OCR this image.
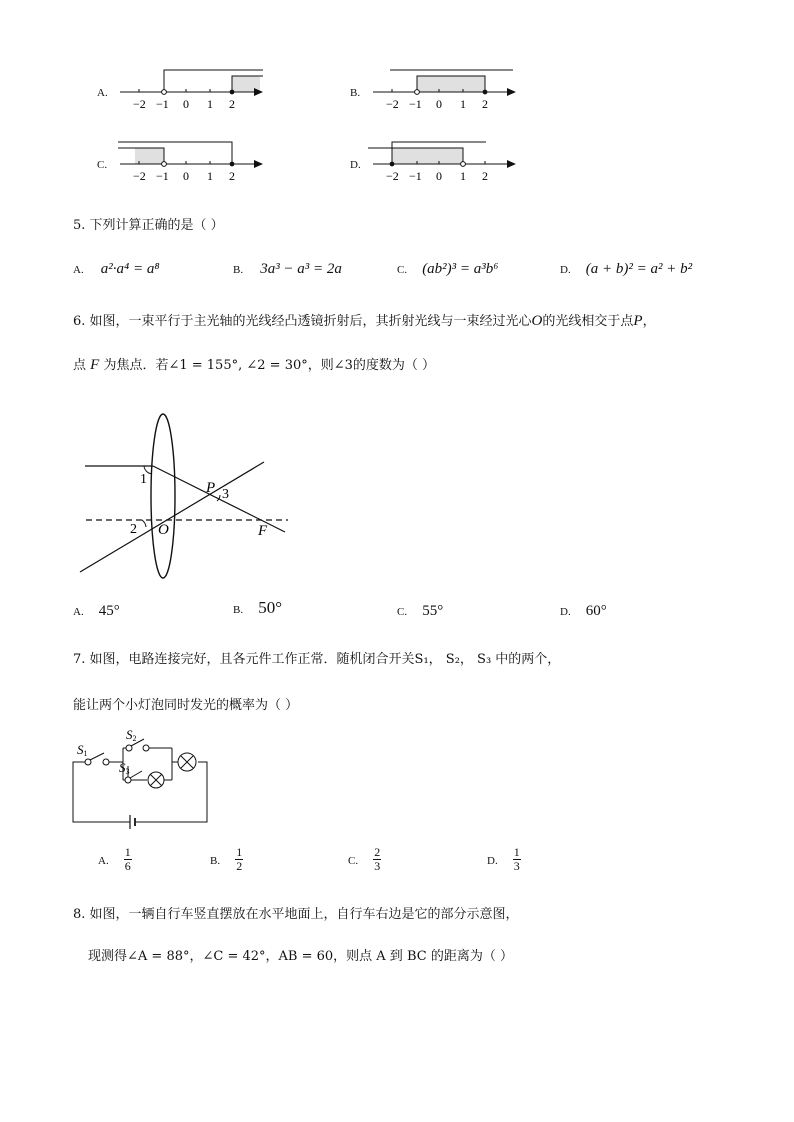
A.	B.
C.	D.
−2 −1 0 1 2	−2 −1 0 1 2
−2 −1 0 1 2	−2 −1 0 1 2
5. 下列计算正确的是（ ）
A. a²·a⁴ = a⁸	B. 3a³ − a³ = 2a	C. (ab²)³ = a³b⁶	D. (a + b)² = a² + b²
6. 如图，一束平行于主光轴的光线经凸透镜折射后，其折射光线与一束经过光心O的光线相交于点P，
点 F 为焦点．若∠1 = 155°, ∠2 = 30°，则∠3的度数为（ ）
1
2
3
P
O	F
A. 45°	B. 50°	C. 55°	D. 60°
7. 如图，电路连接完好，且各元件工作正常．随机闭合开关S₁， S₂， S₃ 中的两个，
能让两个小灯泡同时发光的概率为（ ）
S1
S2
S3
A. $\frac{1}{6}$	B. $\frac{1}{2}$	C. $\frac{2}{3}$	D. $\frac{1}{3}$
8. 如图，一辆自行车竖直摆放在水平地面上，自行车右边是它的部分示意图，
现测得∠A = 88°，∠C = 42°，AB = 60，则点 A 到 BC 的距离为（ ）
